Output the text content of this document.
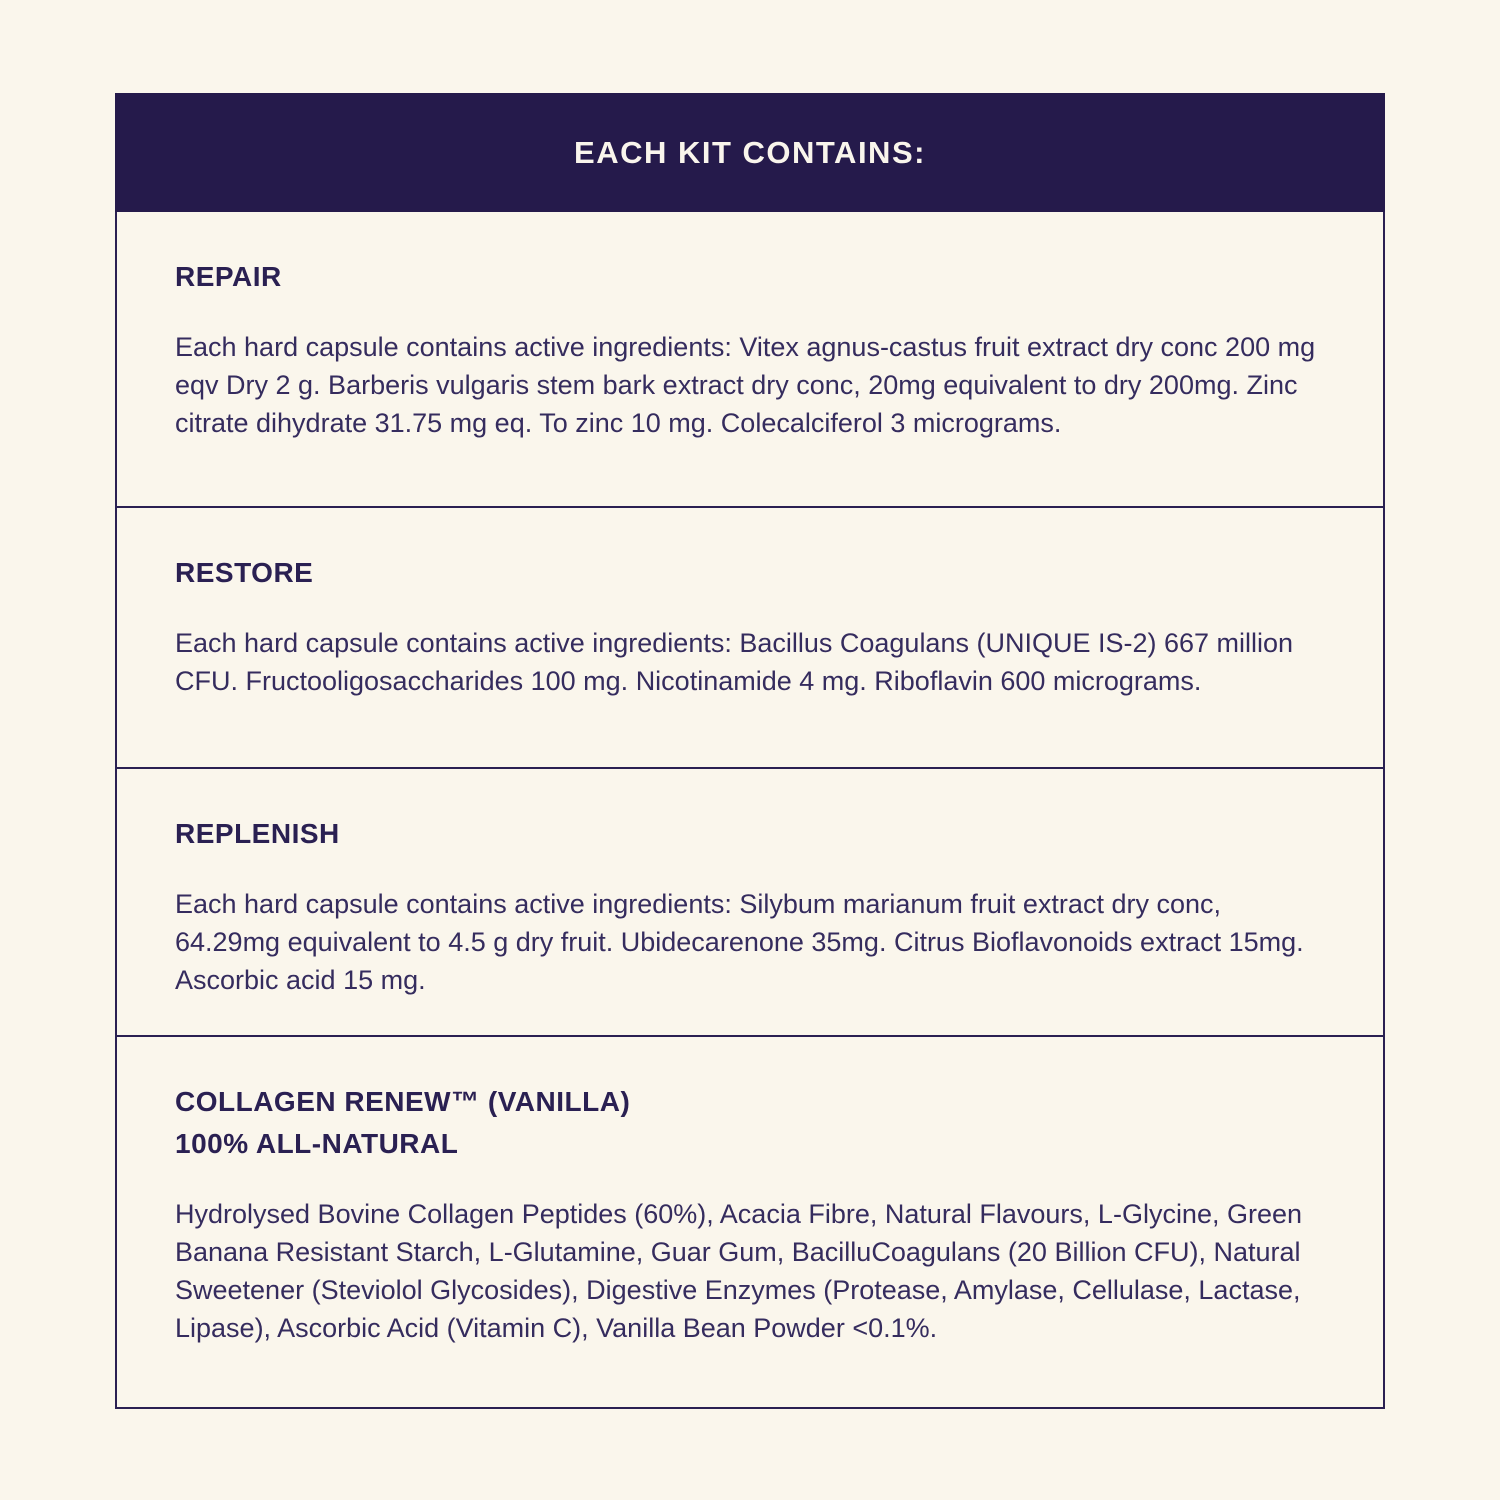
EACH KIT CONTAINS:
REPAIR
Each hard capsule contains active ingredients: Vitex agnus-castus fruit extract dry conc 200 mg eqv Dry 2 g. Barberis vulgaris stem bark extract dry conc, 20mg equivalent to dry 200mg. Zinc citrate dihydrate 31.75 mg eq. To zinc 10 mg. Colecalciferol 3 micrograms.
RESTORE
Each hard capsule contains active ingredients: Bacillus Coagulans (UNIQUE IS-2) 667 million CFU. Fructooligosaccharides 100 mg. Nicotinamide 4 mg. Riboflavin 600 micrograms.
REPLENISH
Each hard capsule contains active ingredients: Silybum marianum fruit extract dry conc, 64.29mg equivalent to 4.5 g dry fruit. Ubidecarenone 35mg. Citrus Bioflavonoids extract 15mg. Ascorbic acid 15 mg.
COLLAGEN RENEW™ (VANILLA)
100% ALL-NATURAL
Hydrolysed Bovine Collagen Peptides (60%), Acacia Fibre, Natural Flavours, L-Glycine, Green Banana Resistant Starch, L-Glutamine, Guar Gum, BacilluCoagulans (20 Billion CFU), Natural Sweetener (Steviolol Glycosides), Digestive Enzymes (Protease, Amylase, Cellulase, Lactase, Lipase), Ascorbic Acid (Vitamin C), Vanilla Bean Powder <0.1%.
